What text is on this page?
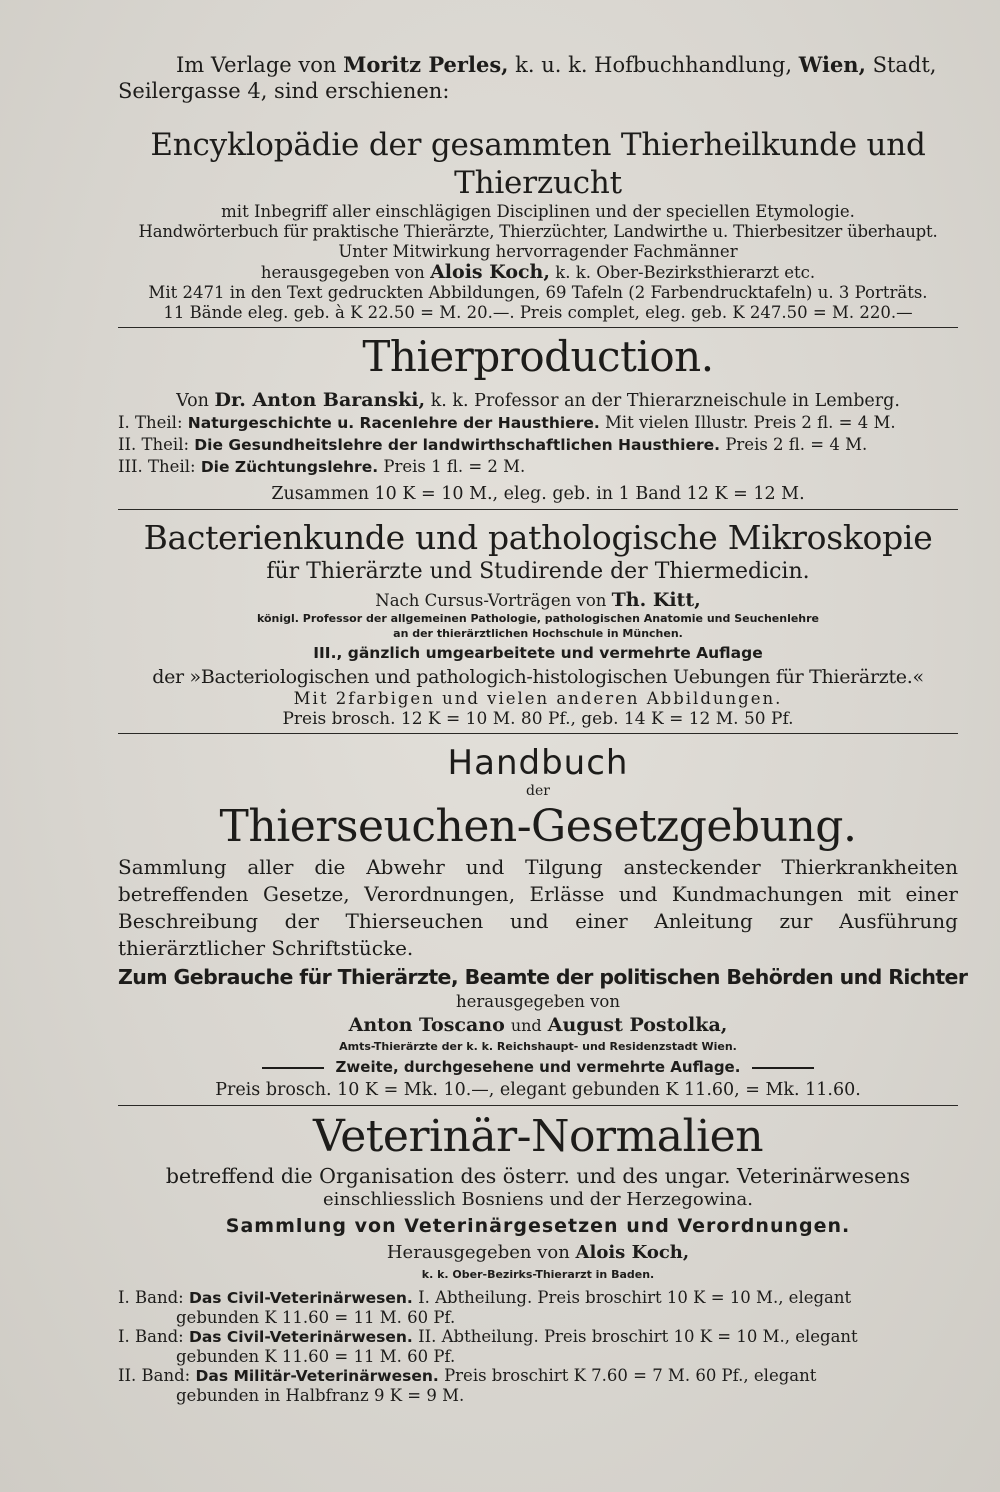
Im Verlage von Moritz Perles, k. u. k. Hofbuchhandlung, Wien, Stadt,
Seilergasse 4, sind erschienen:
Encyklopädie der gesammten Thierheilkunde und Thierzucht
mit Inbegriff aller einschlägigen Disciplinen und der speciellen Etymologie.
Handwörterbuch für praktische Thierärzte, Thierzüchter, Landwirthe u. Thierbesitzer überhaupt.
Unter Mitwirkung hervorragender Fachmänner
herausgegeben von Alois Koch, k. k. Ober-Bezirksthierarzt etc.
Mit 2471 in den Text gedruckten Abbildungen, 69 Tafeln (2 Farbendrucktafeln) u. 3 Porträts.
11 Bände eleg. geb. à K 22.50 = M. 20.—. Preis complet, eleg. geb. K 247.50 = M. 220.—
Thierproduction.
Von Dr. Anton Baranski, k. k. Professor an der Thierarzneischule in Lemberg.
I. Theil: Naturgeschichte u. Racenlehre der Hausthiere. Mit vielen Illustr. Preis 2 fl. = 4 M.
II. Theil: Die Gesundheitslehre der landwirthschaftlichen Hausthiere. Preis 2 fl. = 4 M.
III. Theil: Die Züchtungslehre. Preis 1 fl. = 2 M.
Zusammen 10 K = 10 M., eleg. geb. in 1 Band 12 K = 12 M.
Bacterienkunde und pathologische Mikroskopie
für Thierärzte und Studirende der Thiermedicin.
Nach Cursus-Vorträgen von Th. Kitt,
königl. Professor der allgemeinen Pathologie, pathologischen Anatomie und Seuchenlehre
an der thierärztlichen Hochschule in München.
III., gänzlich umgearbeitete und vermehrte Auflage
der »Bacteriologischen und pathologich-histologischen Uebungen für Thierärzte.«
Mit 2farbigen und vielen anderen Abbildungen.
Preis brosch. 12 K = 10 M. 80 Pf., geb. 14 K = 12 M. 50 Pf.
Handbuch
der
Thierseuchen-Gesetzgebung.
Sammlung aller die Abwehr und Tilgung ansteckender Thierkrankheiten betreffenden Gesetze, Verordnungen, Erlässe und Kundmachungen mit einer Beschreibung der Thierseuchen und einer Anleitung zur Ausführung thierärztlicher Schriftstücke.
Zum Gebrauche für Thierärzte, Beamte der politischen Behörden und Richter
herausgegeben von
Anton Toscano und August Postolka,
Amts-Thierärzte der k. k. Reichshaupt- und Residenzstadt Wien.
Zweite, durchgesehene und vermehrte Auflage.
Preis brosch. 10 K = Mk. 10.—, elegant gebunden K 11.60, = Mk. 11.60.
Veterinär-Normalien
betreffend die Organisation des österr. und des ungar. Veterinärwesens
einschliesslich Bosniens und der Herzegowina.
Sammlung von Veterinärgesetzen und Verordnungen.
Herausgegeben von Alois Koch,
k. k. Ober-Bezirks-Thierarzt in Baden.
I. Band: Das Civil-Veterinärwesen. I. Abtheilung. Preis broschirt 10 K = 10 M., elegant
gebunden K 11.60 = 11 M. 60 Pf.
I. Band: Das Civil-Veterinärwesen. II. Abtheilung. Preis broschirt 10 K = 10 M., elegant
gebunden K 11.60 = 11 M. 60 Pf.
II. Band: Das Militär-Veterinärwesen. Preis broschirt K 7.60 = 7 M. 60 Pf., elegant
gebunden in Halbfranz 9 K = 9 M.
